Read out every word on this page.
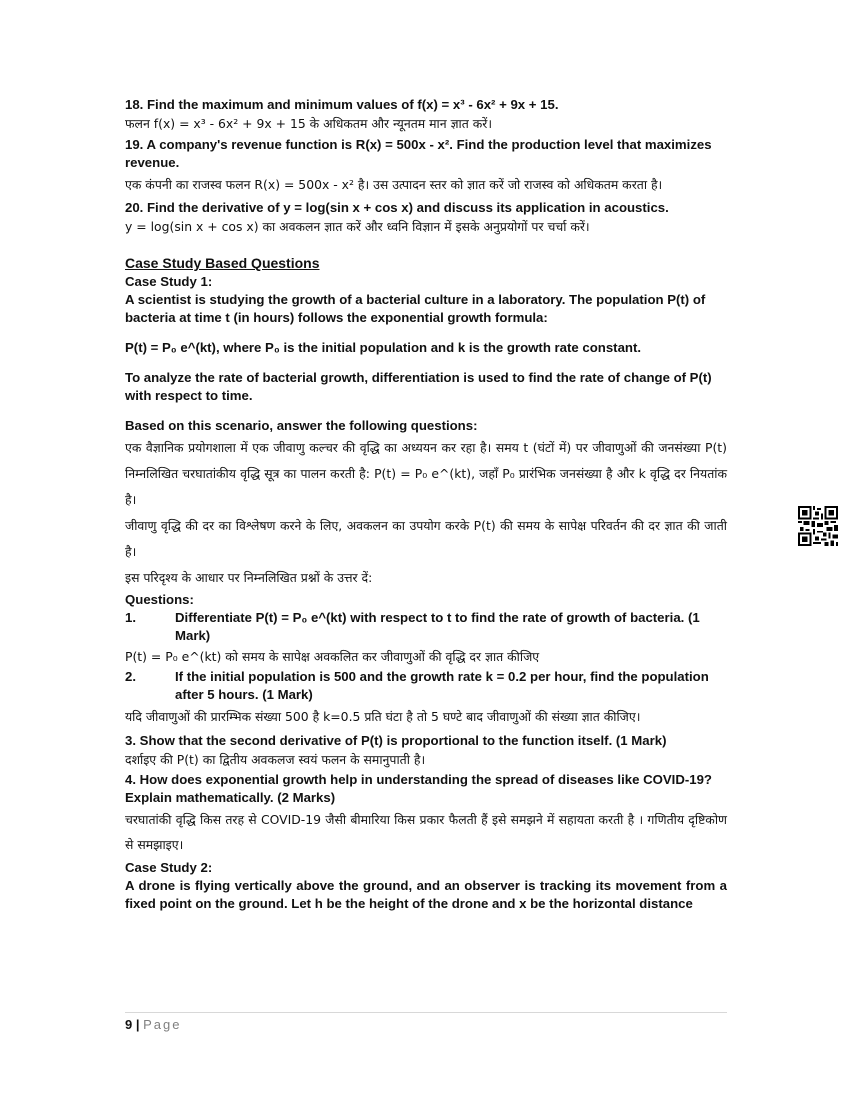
18. Find the maximum and minimum values of f(x) = x³ - 6x² + 9x + 15.

फलन f(x) = x³ - 6x² + 9x + 15 के अधिकतम और न्यूनतम मान ज्ञात करें।

19. A company's revenue function is R(x) = 500x - x². Find the production level that maximizes revenue.

एक कंपनी का राजस्व फलन R(x) = 500x - x² है। उस उत्पादन स्तर को ज्ञात करें जो राजस्व को अधिकतम करता है।

20. Find the derivative of y = log(sin x + cos x) and discuss its application in acoustics.

y = log(sin x + cos x) का अवकलन ज्ञात करें और ध्वनि विज्ञान में इसके अनुप्रयोगों पर चर्चा करें।

Case Study Based Questions

Case Study 1:

A scientist is studying the growth of a bacterial culture in a laboratory. The population P(t) of bacteria at time t (in hours) follows the exponential growth formula:

P(t) = P₀ e^(kt), where P₀ is the initial population and k is the growth rate constant.

To analyze the rate of bacterial growth, differentiation is used to find the rate of change of P(t) with respect to time.

Based on this scenario, answer the following questions:

एक वैज्ञानिक प्रयोगशाला में एक जीवाणु कल्चर की वृद्धि का अध्ययन कर रहा है। समय t (घंटों में) पर जीवाणुओं की जनसंख्या P(t) निम्नलिखित चरघातांकीय वृद्धि सूत्र का पालन करती है: P(t) = P₀ e^(kt), जहाँ P₀ प्रारंभिक जनसंख्या है और k वृद्धि दर नियतांक है।

जीवाणु वृद्धि की दर का विश्लेषण करने के लिए, अवकलन का उपयोग करके P(t) की समय के सापेक्ष परिवर्तन की दर ज्ञात की जाती है।

इस परिदृश्य के आधार पर निम्नलिखित प्रश्नों के उत्तर दें:

Questions:

1.	Differentiate P(t) = P₀ e^(kt) with respect to t to find the rate of growth of bacteria. (1 Mark)

P(t) = P₀ e^(kt) को समय के सापेक्ष अवकलित कर जीवाणुओं की वृद्धि दर ज्ञात कीजिए

2.	If the initial population is 500 and the growth rate k = 0.2 per hour, find the population after 5 hours. (1 Mark)

यदि जीवाणुओं की प्रारम्भिक संख्या 500 है k=0.5 प्रति घंटा है तो 5 घण्टे बाद जीवाणुओं की संख्या ज्ञात कीजिए।

3. Show that the second derivative of P(t) is proportional to the function itself. (1 Mark)

दर्शाइए की P(t) का द्वितीय अवकलज स्वयं फलन के समानुपाती है।

4. How does exponential growth help in understanding the spread of diseases like COVID-19? Explain mathematically. (2 Marks)

चरघातांकी वृद्धि किस तरह से COVID-19 जैसी बीमारिया किस प्रकार फैलती हैं इसे समझने में सहायता करती है । गणितीय दृष्टिकोण से समझाइए।

Case Study 2:

A drone is flying vertically above the ground, and an observer is tracking its movement from a fixed point on the ground. Let h be the height of the drone and x be the horizontal distance

9 | Page
